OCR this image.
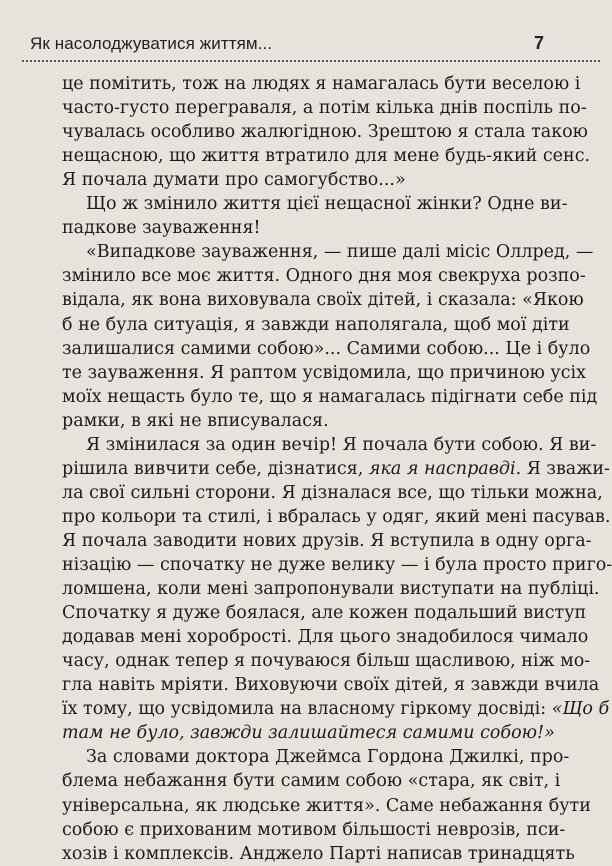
Як насолоджуватися життям...	7
це помітить, тож на людях я намагалась бути веселою і
часто-густо переграваля, а потім кілька днів поспіль по-
чувалась особливо жалюгідною. Зрештою я стала такою
нещасною, що життя втратило для мене будь-який сенс.
Я почала думати про самогубство...»
Що ж змінило життя цієї нещасної жінки? Одне ви-
падкове зауваження!
«Випадкове зауваження, — пише далі місіс Оллред, —
змінило все моє життя. Одного дня моя свекруха розпо-
відала, як вона виховувала своїх дітей, і сказала: «Якою
б не була ситуація, я завжди наполягала, щоб мої діти
залишалися самими собою»... Самими собою... Це і було
те зауваження. Я раптом усвідомила, що причиною усіх
моїх нещасть було те, що я намагалась підігнати себе під
рамки, в які не вписувалася.
Я змінилася за один вечір! Я почала бути собою. Я ви-
рішила вивчити себе, дізнатися, яка я насправді. Я зважи-
ла свої сильні сторони. Я дізналася все, що тільки можна,
про кольори та стилі, і вбралась у одяг, який мені пасував.
Я почала заводити нових друзів. Я вступила в одну орга-
нізацію — спочатку не дуже велику — і була просто приго-
ломшена, коли мені запропонували виступати на публіці.
Спочатку я дуже боялася, але кожен подальший виступ
додавав мені хоробрості. Для цього знадобилося чимало
часу, однак тепер я почуваюся більш щасливою, ніж мо-
гла навіть мріяти. Виховуючи своїх дітей, я завжди вчила
їх тому, що усвідомила на власному гіркому досвіді: «Що б
там не було, завжди залишайтеся самими собою!»
За словами доктора Джеймса Гордона Джилкі, про-
блема небажання бути самим собою «стара, як світ, і
універсальна, як людське життя». Саме небажання бути
собою є прихованим мотивом більшості неврозів, пси-
хозів і комплексів. Анджело Парті написав тринадцять
